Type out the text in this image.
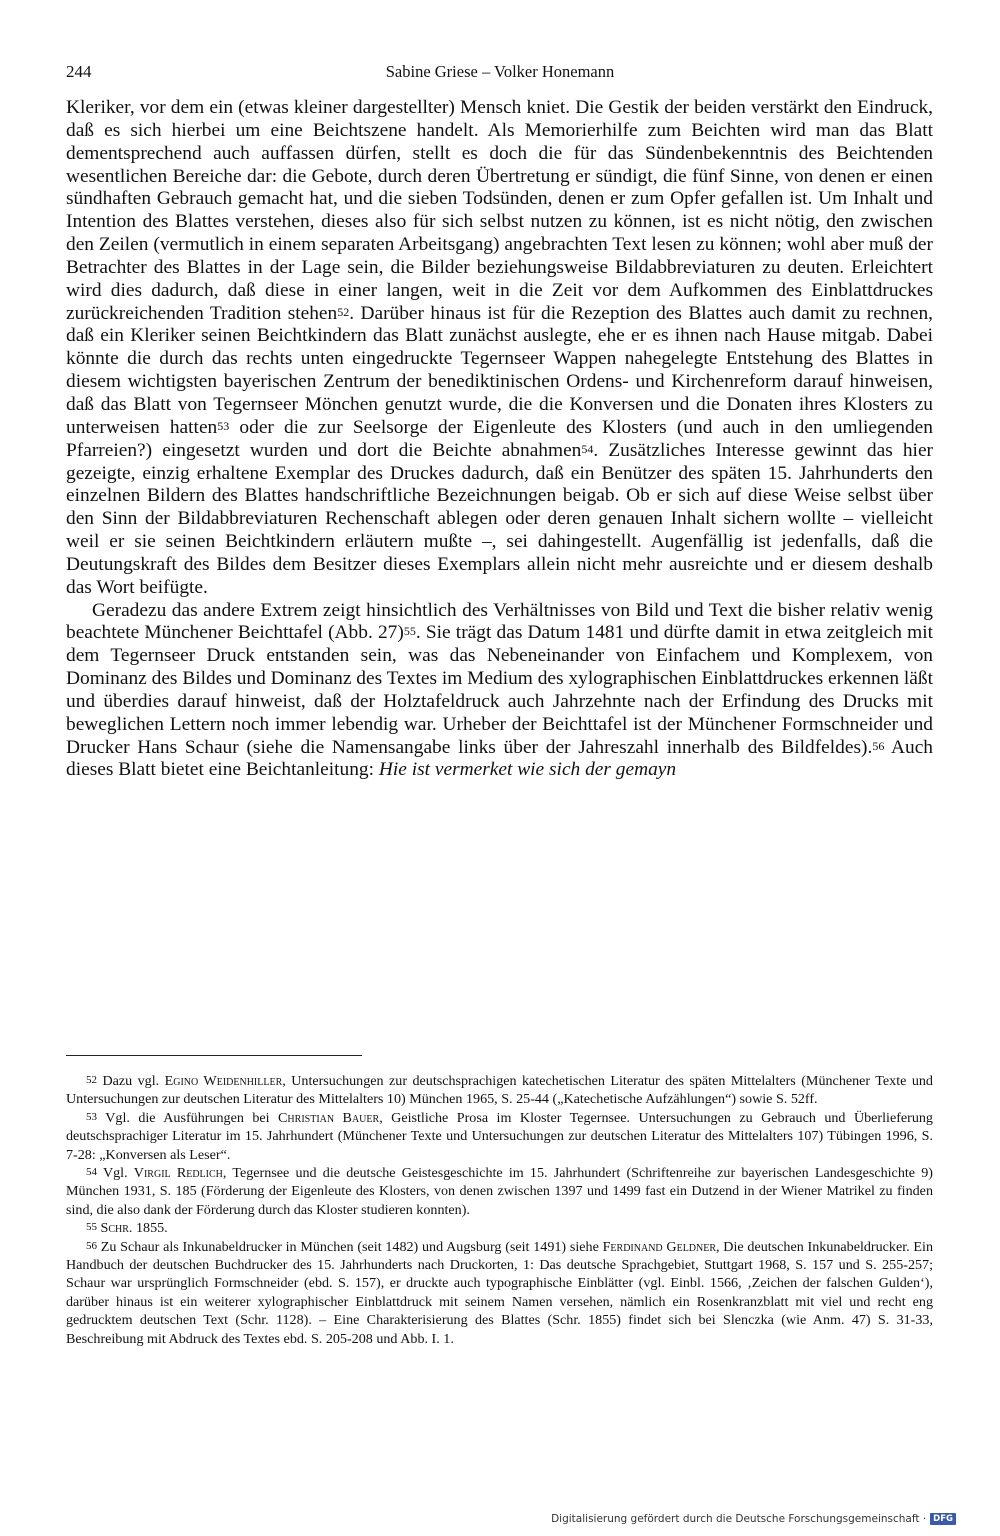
244	Sabine Griese – Volker Honemann

Kleriker, vor dem ein (etwas kleiner dargestellter) Mensch kniet. Die Gestik der beiden verstärkt den Eindruck, daß es sich hierbei um eine Beichtszene handelt. Als Memorierhilfe zum Beichten wird man das Blatt dementsprechend auch auffassen dürfen, stellt es doch die für das Sündenbekenntnis des Beichtenden wesentlichen Bereiche dar: die Gebote, durch deren Übertretung er sündigt, die fünf Sinne, von denen er einen sündhaften Gebrauch gemacht hat, und die sieben Todsünden, denen er zum Opfer gefallen ist. Um Inhalt und Intention des Blattes verstehen, dieses also für sich selbst nutzen zu können, ist es nicht nötig, den zwischen den Zeilen (vermutlich in einem separaten Arbeitsgang) angebrachten Text lesen zu können; wohl aber muß der Betrachter des Blattes in der Lage sein, die Bilder beziehungsweise Bildabbreviaturen zu deuten. Erleichtert wird dies dadurch, daß diese in einer langen, weit in die Zeit vor dem Aufkommen des Einblattdruckes zurückreichenden Tradition stehen$^{52}$. Darüber hinaus ist für die Rezeption des Blattes auch damit zu rechnen, daß ein Kleriker seinen Beichtkindern das Blatt zunächst auslegte, ehe er es ihnen nach Hause mitgab. Dabei könnte die durch das rechts unten eingedruckte Tegernseer Wappen nahegelegte Entstehung des Blattes in diesem wichtigsten bayerischen Zentrum der benediktinischen Ordens- und Kirchenreform darauf hinweisen, daß das Blatt von Tegernseer Mönchen genutzt wurde, die die Konversen und die Donaten ihres Klosters zu unterweisen hatten$^{53}$ oder die zur Seelsorge der Eigenleute des Klosters (und auch in den umliegenden Pfarreien?) eingesetzt wurden und dort die Beichte abnahmen$^{54}$. Zusätzliches Interesse gewinnt das hier gezeigte, einzig erhaltene Exemplar des Druckes dadurch, daß ein Benützer des späten 15. Jahrhunderts den einzelnen Bildern des Blattes handschriftliche Bezeichnungen beigab. Ob er sich auf diese Weise selbst über den Sinn der Bildabbreviaturen Rechenschaft ablegen oder deren genauen Inhalt sichern wollte – vielleicht weil er sie seinen Beichtkindern erläutern mußte –, sei dahingestellt. Augenfällig ist jedenfalls, daß die Deutungskraft des Bildes dem Besitzer dieses Exemplars allein nicht mehr ausreichte und er diesem deshalb das Wort beifügte.

Geradezu das andere Extrem zeigt hinsichtlich des Verhältnisses von Bild und Text die bisher relativ wenig beachtete Münchener Beichttafel (Abb. 27)$^{55}$. Sie trägt das Datum 1481 und dürfte damit in etwa zeitgleich mit dem Tegernseer Druck entstanden sein, was das Nebeneinander von Einfachem und Komplexem, von Dominanz des Bildes und Dominanz des Textes im Medium des xylographischen Einblattdruckes erkennen läßt und überdies darauf hinweist, daß der Holztafeldruck auch Jahrzehnte nach der Erfindung des Drucks mit beweglichen Lettern noch immer lebendig war. Urheber der Beichttafel ist der Münchener Formschneider und Drucker Hans Schaur (siehe die Namensangabe links über der Jahreszahl innerhalb des Bildfeldes).$^{56}$ Auch dieses Blatt bietet eine Beichtanleitung: Hie ist vermerket wie sich der gemayn

$^{52}$ Dazu vgl. Egino Weidenhiller, Untersuchungen zur deutschsprachigen katechetischen Literatur des späten Mittelalters (Münchener Texte und Untersuchungen zur deutschen Literatur des Mittelalters 10) München 1965, S. 25-44 („Katechetische Aufzählungen“) sowie S. 52ff.

$^{53}$ Vgl. die Ausführungen bei Christian Bauer, Geistliche Prosa im Kloster Tegernsee. Untersuchungen zu Gebrauch und Überlieferung deutschsprachiger Literatur im 15. Jahrhundert (Münchener Texte und Untersuchungen zur deutschen Literatur des Mittelalters 107) Tübingen 1996, S. 7-28: „Konversen als Leser“.

$^{54}$ Vgl. Virgil Redlich, Tegernsee und die deutsche Geistesgeschichte im 15. Jahrhundert (Schriftenreihe zur bayerischen Landesgeschichte 9) München 1931, S. 185 (Förderung der Eigenleute des Klosters, von denen zwischen 1397 und 1499 fast ein Dutzend in der Wiener Matrikel zu finden sind, die also dank der Förderung durch das Kloster studieren konnten).

$^{55}$ Schr. 1855.

$^{56}$ Zu Schaur als Inkunabeldrucker in München (seit 1482) und Augsburg (seit 1491) siehe Ferdinand Geldner, Die deutschen Inkunabeldrucker. Ein Handbuch der deutschen Buchdrucker des 15. Jahrhunderts nach Druckorten, 1: Das deutsche Sprachgebiet, Stuttgart 1968, S. 157 und S. 255-257; Schaur war ursprünglich Formschneider (ebd. S. 157), er druckte auch typographische Einblätter (vgl. Einbl. 1566, ‚Zeichen der falschen Gulden‘), darüber hinaus ist ein weiterer xylographischer Einblattdruck mit seinem Namen versehen, nämlich ein Rosenkranzblatt mit viel und recht eng gedrucktem deutschen Text (Schr. 1128). – Eine Charakterisierung des Blattes (Schr. 1855) findet sich bei Slenczka (wie Anm. 47) S. 31-33, Beschreibung mit Abdruck des Textes ebd. S. 205-208 und Abb. I. 1.

Digitalisierung gefördert durch die Deutsche Forschungsgemeinschaft · DFG
